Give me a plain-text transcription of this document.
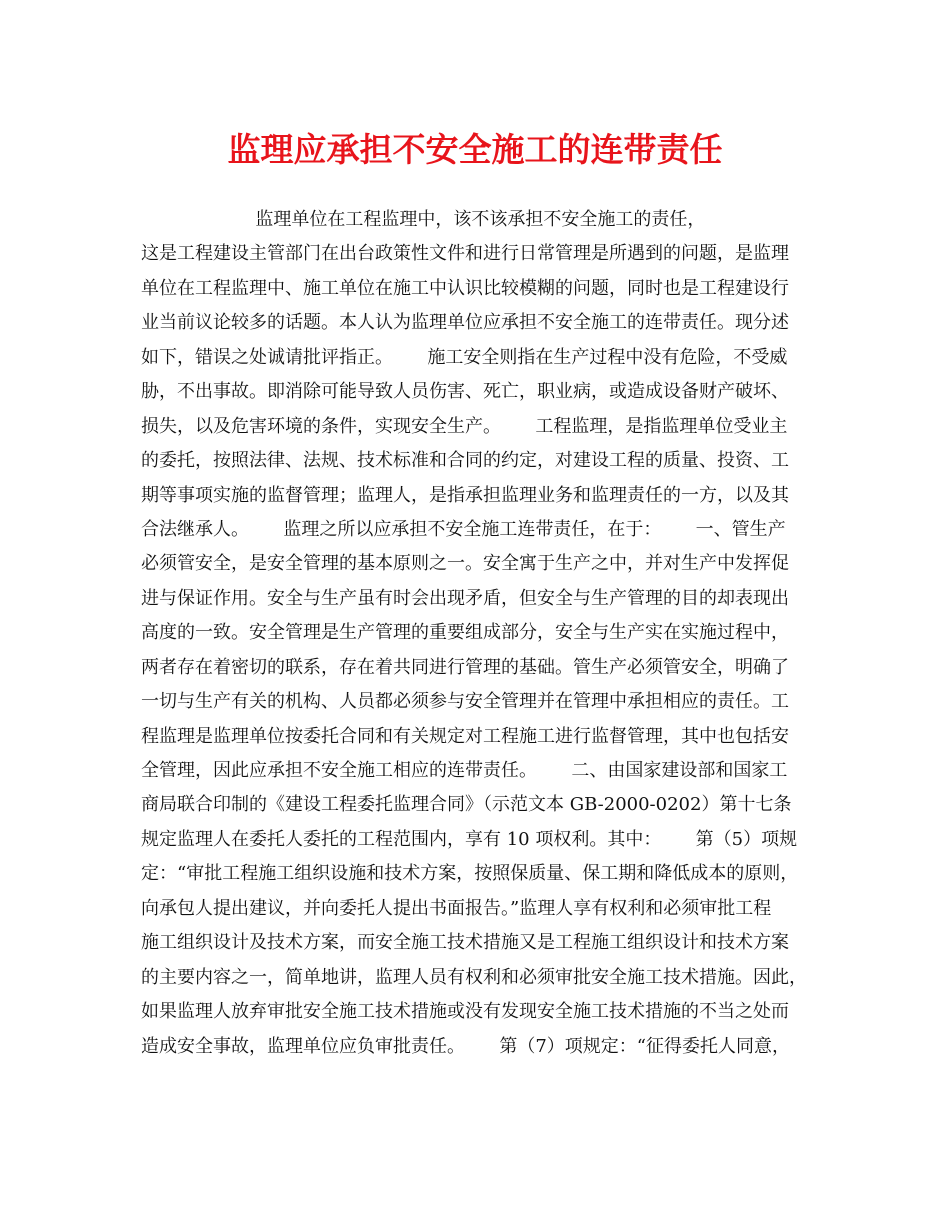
监理应承担不安全施工的连带责任
监理单位在工程监理中，该不该承担不安全施工的责任，
这是工程建设主管部门在出台政策性文件和进行日常管理是所遇到的问题，是监理
单位在工程监理中、施工单位在施工中认识比较模糊的问题，同时也是工程建设行
业当前议论较多的话题。本人认为监理单位应承担不安全施工的连带责任。现分述
如下，错误之处诚请批评指正。      施工安全则指在生产过程中没有危险，不受威
胁，不出事故。即消除可能导致人员伤害、死亡，职业病，或造成设备财产破坏、
损失，以及危害环境的条件，实现安全生产。      工程监理，是指监理单位受业主
的委托，按照法律、法规、技术标准和合同的约定，对建设工程的质量、投资、工
期等事项实施的监督管理；监理人，是指承担监理业务和监理责任的一方，以及其
合法继承人。      监理之所以应承担不安全施工连带责任，在于：      一、管生产
必须管安全，是安全管理的基本原则之一。安全寓于生产之中，并对生产中发挥促
进与保证作用。安全与生产虽有时会出现矛盾，但安全与生产管理的目的却表现出
高度的一致。安全管理是生产管理的重要组成部分，安全与生产实在实施过程中，
两者存在着密切的联系，存在着共同进行管理的基础。管生产必须管安全，明确了
一切与生产有关的机构、人员都必须参与安全管理并在管理中承担相应的责任。工
程监理是监理单位按委托合同和有关规定对工程施工进行监督管理，其中也包括安
全管理，因此应承担不安全施工相应的连带责任。      二、由国家建设部和国家工
商局联合印制的《建设工程委托监理合同》（示范文本 GB-2000-0202）第十七条
规定监理人在委托人委托的工程范围内，享有 10 项权利。其中：      第（5）项规
定：“审批工程施工组织设施和技术方案，按照保质量、保工期和降低成本的原则，
向承包人提出建议，并向委托人提出书面报告。”监理人享有权利和必须审批工程
施工组织设计及技术方案，而安全施工技术措施又是工程施工组织设计和技术方案
的主要内容之一，简单地讲，监理人员有权利和必须审批安全施工技术措施。因此，
如果监理人放弃审批安全施工技术措施或没有发现安全施工技术措施的不当之处而
造成安全事故，监理单位应负审批责任。      第（7）项规定：“征得委托人同意，
